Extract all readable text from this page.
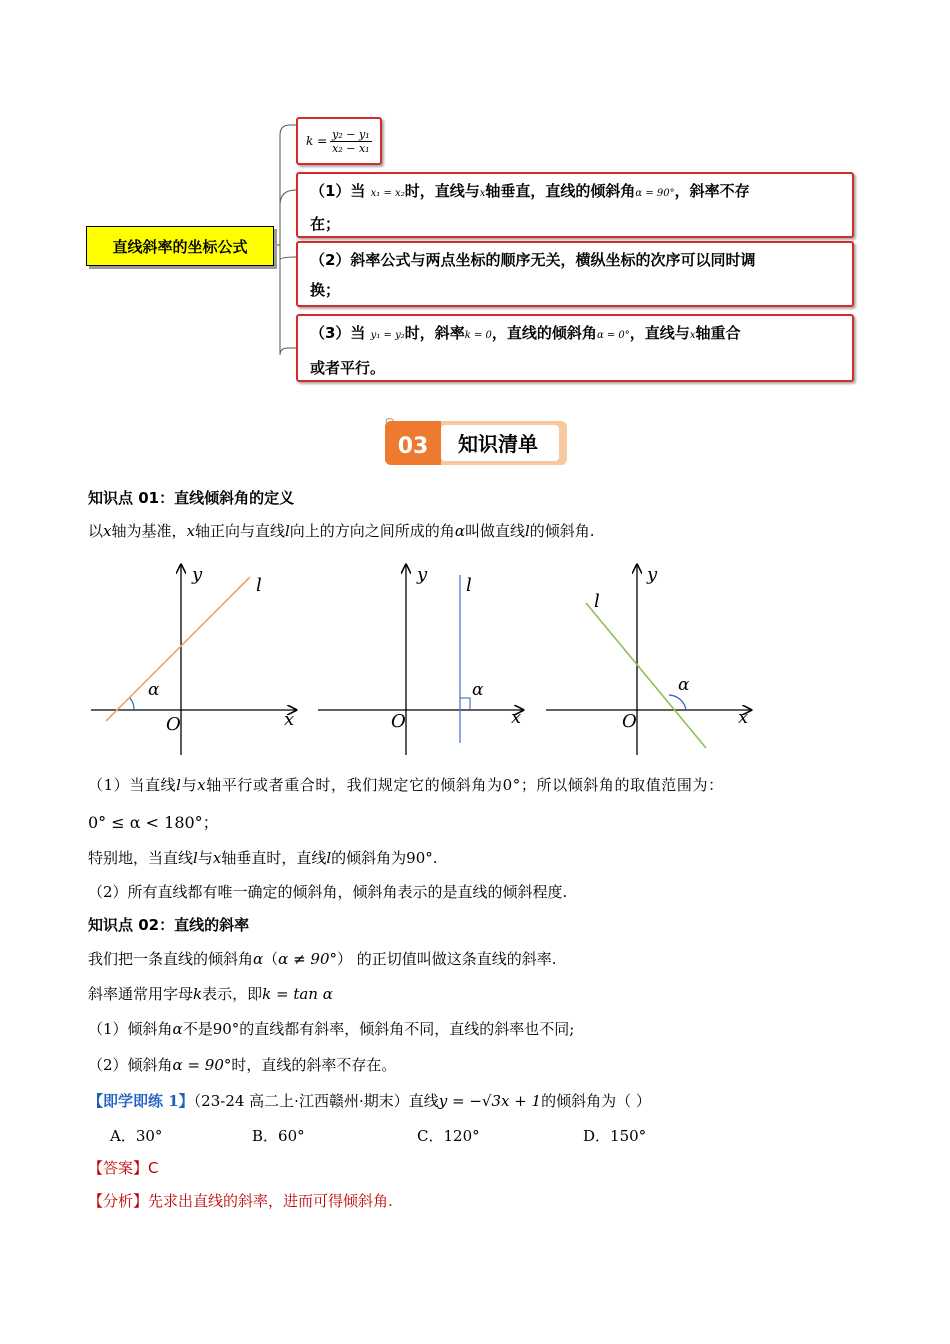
直线斜率的坐标公式
$k = \frac{\text{y₂ − y₁}}{\text{x₂ − x₁}}$
（1）当 x₁ = x₂时，直线与x轴垂直，直线的倾斜角α = 90°，斜率不存
在；
（2）斜率公式与两点坐标的顺序无关，横纵坐标的次序可以同时调
换；
（3）当 y₁ = y₂时，斜率k = 0，直线的倾斜角α = 0°，直线与x轴重合
或者平行。
03 知识清单
知识点 01：直线倾斜角的定义
以x轴为基准，x轴正向与直线l向上的方向之间所成的角α叫做直线l的倾斜角.
α
y
l
O	x
α
y
l
O	x
α
y
l
O	x
（1）当直线l与x轴平行或者重合时，我们规定它的倾斜角为0°；所以倾斜角的取值范围为：
0° ≤ α < 180°；
特别地，当直线l与x轴垂直时，直线l的倾斜角为90°.
（2）所有直线都有唯一确定的倾斜角，倾斜角表示的是直线的倾斜程度.
知识点 02：直线的斜率
我们把一条直线的倾斜角α（α ≠ 90°） 的正切值叫做这条直线的斜率.
斜率通常用字母k表示，即k = tan α
（1）倾斜角α不是90°的直线都有斜率，倾斜角不同，直线的斜率也不同;
（2）倾斜角α = 90°时，直线的斜率不存在。
【即学即练 1】（23-24 高二上·江西赣州·期末）直线y = −√3x + 1的倾斜角为（ ）
A．30°	B．60°	C．120°	D．150°
【答案】C
【分析】先求出直线的斜率，进而可得倾斜角.
